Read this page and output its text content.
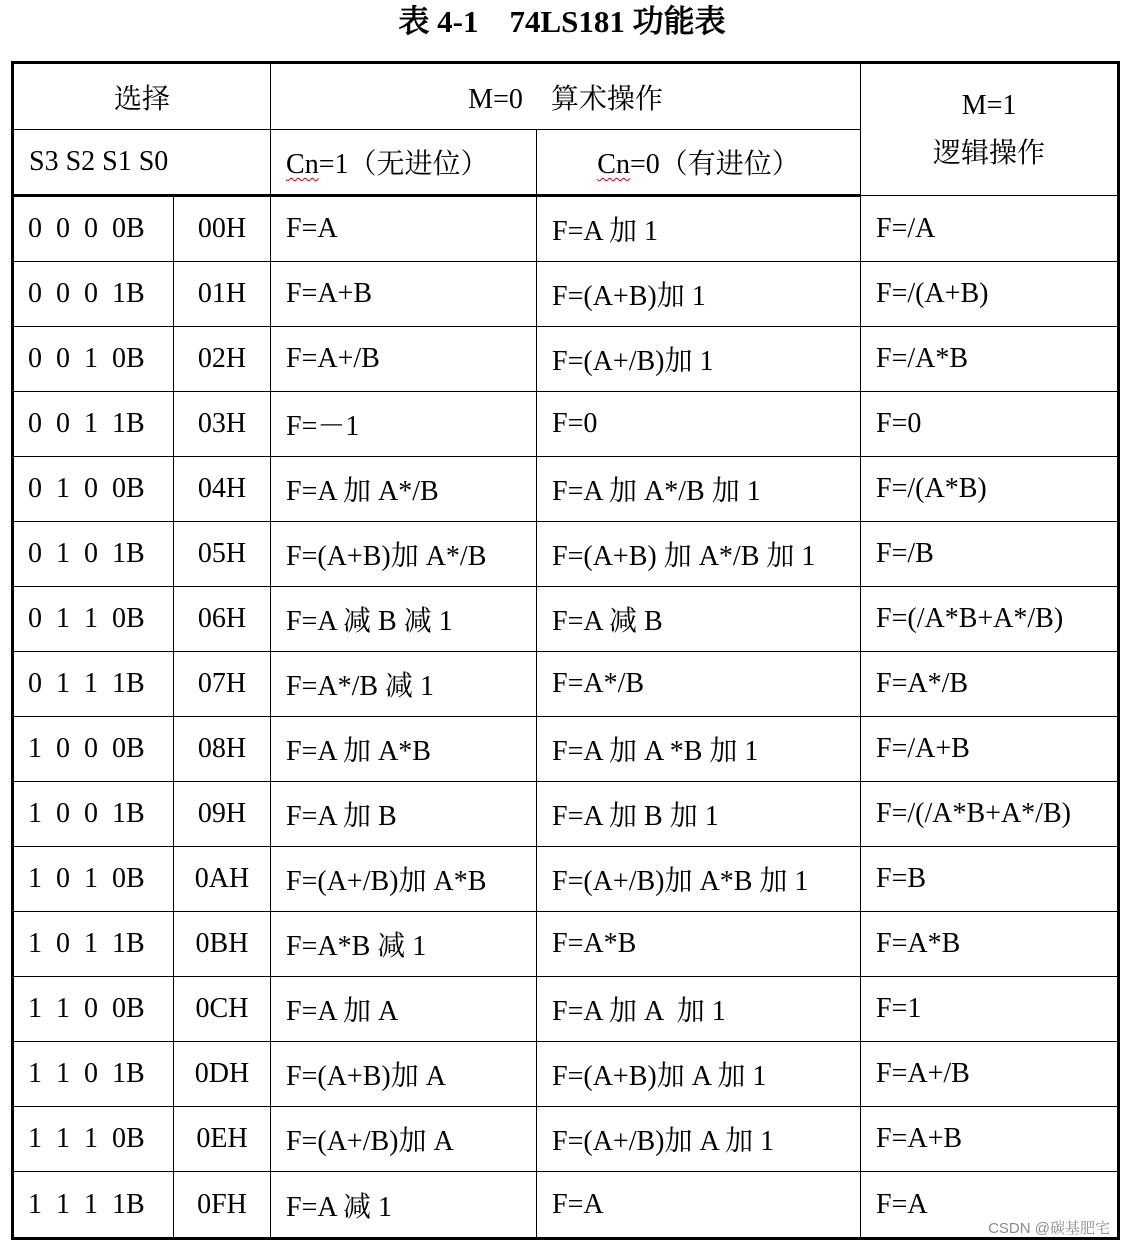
表 4-1    74LS181 功能表
选择		M=0    算术操作		M=1
逻辑操作

S3 S2 S1 S0		Cn=1（无进位）	Cn=0（有进位）	
0  0  0  0B	00H	F=A	F=A 加 1	F=/A
0  0  0  1B	01H	F=A+B	F=(A+B)加 1	F=/(A+B)
0  0  1  0B	02H	F=A+/B	F=(A+/B)加 1	F=/A*B
0  0  1  1B	03H	F=－1	F=0	F=0
0  1  0  0B	04H	F=A 加 A*/B	F=A 加 A*/B 加 1	F=/(A*B)
0  1  0  1B	05H	F=(A+B)加 A*/B	F=(A+B) 加 A*/B 加 1	F=/B
0  1  1  0B	06H	F=A 减 B 减 1	F=A 减 B	F=(/A*B+A*/B)
0  1  1  1B	07H	F=A*/B 减 1	F=A*/B	F=A*/B
1  0  0  0B	08H	F=A 加 A*B	F=A 加 A *B 加 1	F=/A+B
1  0  0  1B	09H	F=A 加 B	F=A 加 B 加 1	F=/(/A*B+A*/B)
1  0  1  0B	0AH	F=(A+/B)加 A*B	F=(A+/B)加 A*B 加 1	F=B
1  0  1  1B	0BH	F=A*B 减 1	F=A*B	F=A*B
1  1  0  0B	0CH	F=A 加 A	F=A 加 A  加 1	F=1
1  1  0  1B	0DH	F=(A+B)加 A	F=(A+B)加 A 加 1	F=A+/B
1  1  1  0B	0EH	F=(A+/B)加 A	F=(A+/B)加 A 加 1	F=A+B
1  1  1  1B	0FH	F=A 减 1	F=A	F=A
CSDN @碳基肥宅
